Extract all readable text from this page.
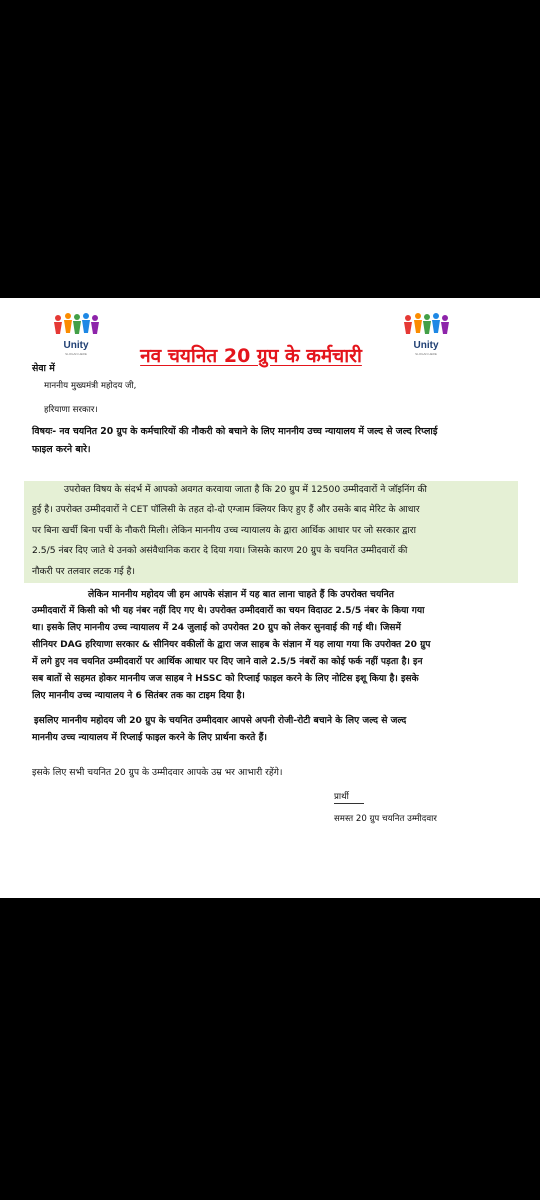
Unity
SLOGAN HERE
Unity
SLOGAN HERE
नव चयनित 20 ग्रुप के कर्मचारी
सेवा में
माननीय मुख्यमंत्री महोदय जी,
हरियाणा सरकार।
विषयः- नव चयनित 20 ग्रुप के कर्मचारियों की नौकरी को बचाने के लिए माननीय उच्च न्यायालय में जल्द से जल्द रिप्लाई
फाइल करने बारे।
उपरोक्त विषय के संदर्भ में आपको अवगत करवाया जाता है कि 20 ग्रुप में 12500 उम्मीदवारों ने जॉइनिंग की
हुई है। उपरोक्त उम्मीदवारों ने CET पॉलिसी के तहत दो-दो एग्जाम क्लियर किए हुए हैं और उसके बाद मेरिट के आधार
पर बिना खर्ची बिना पर्ची के नौकरी मिली। लेकिन माननीय उच्च न्यायालय के द्वारा आर्थिक आधार पर जो सरकार द्वारा
2.5/5 नंबर दिए जाते थे उनको असंवैधानिक करार दे दिया गया। जिसके कारण 20 ग्रुप के चयनित उम्मीदवारों की
नौकरी पर तलवार लटक गई है।
लेकिन माननीय महोदय जी हम आपके संज्ञान में यह बात लाना चाहते हैं कि उपरोक्त चयनित
उम्मीदवारों में किसी को भी यह नंबर नहीं दिए गए थे। उपरोक्त उम्मीदवारों का चयन विदाउट 2.5/5 नंबर के किया गया
था। इसके लिए माननीय उच्च न्यायालय में 24 जुलाई को उपरोक्त 20 ग्रुप को लेकर सुनवाई की गई थी। जिसमें
सीनियर DAG हरियाणा सरकार & सीनियर वकीलों के द्वारा जज साहब के संज्ञान में यह लाया गया कि उपरोक्त 20 ग्रुप
में लगे हुए नव चयनित उम्मीदवारों पर आर्थिक आधार पर दिए जाने वाले 2.5/5 नंबरों का कोई फर्क नहीं पड़ता है। इन
सब बातों से सहमत होकर माननीय जज साहब ने HSSC को रिप्लाई फाइल करने के लिए नोटिस इशू किया है। इसके
लिए माननीय उच्च न्यायालय ने 6 सितंबर तक का टाइम दिया है।
इसलिए माननीय महोदय जी 20 ग्रुप के चयनित उम्मीदवार आपसे अपनी रोजी-रोटी बचाने के लिए जल्द से जल्द
माननीय उच्च न्यायालय में रिप्लाई फाइल करने के लिए प्रार्थना करते हैं।
इसके लिए सभी चयनित 20 ग्रुप के उम्मीदवार आपके उम्र भर आभारी रहेंगे।
प्रार्थी
समस्त 20 ग्रुप चयनित उम्मीदवार
